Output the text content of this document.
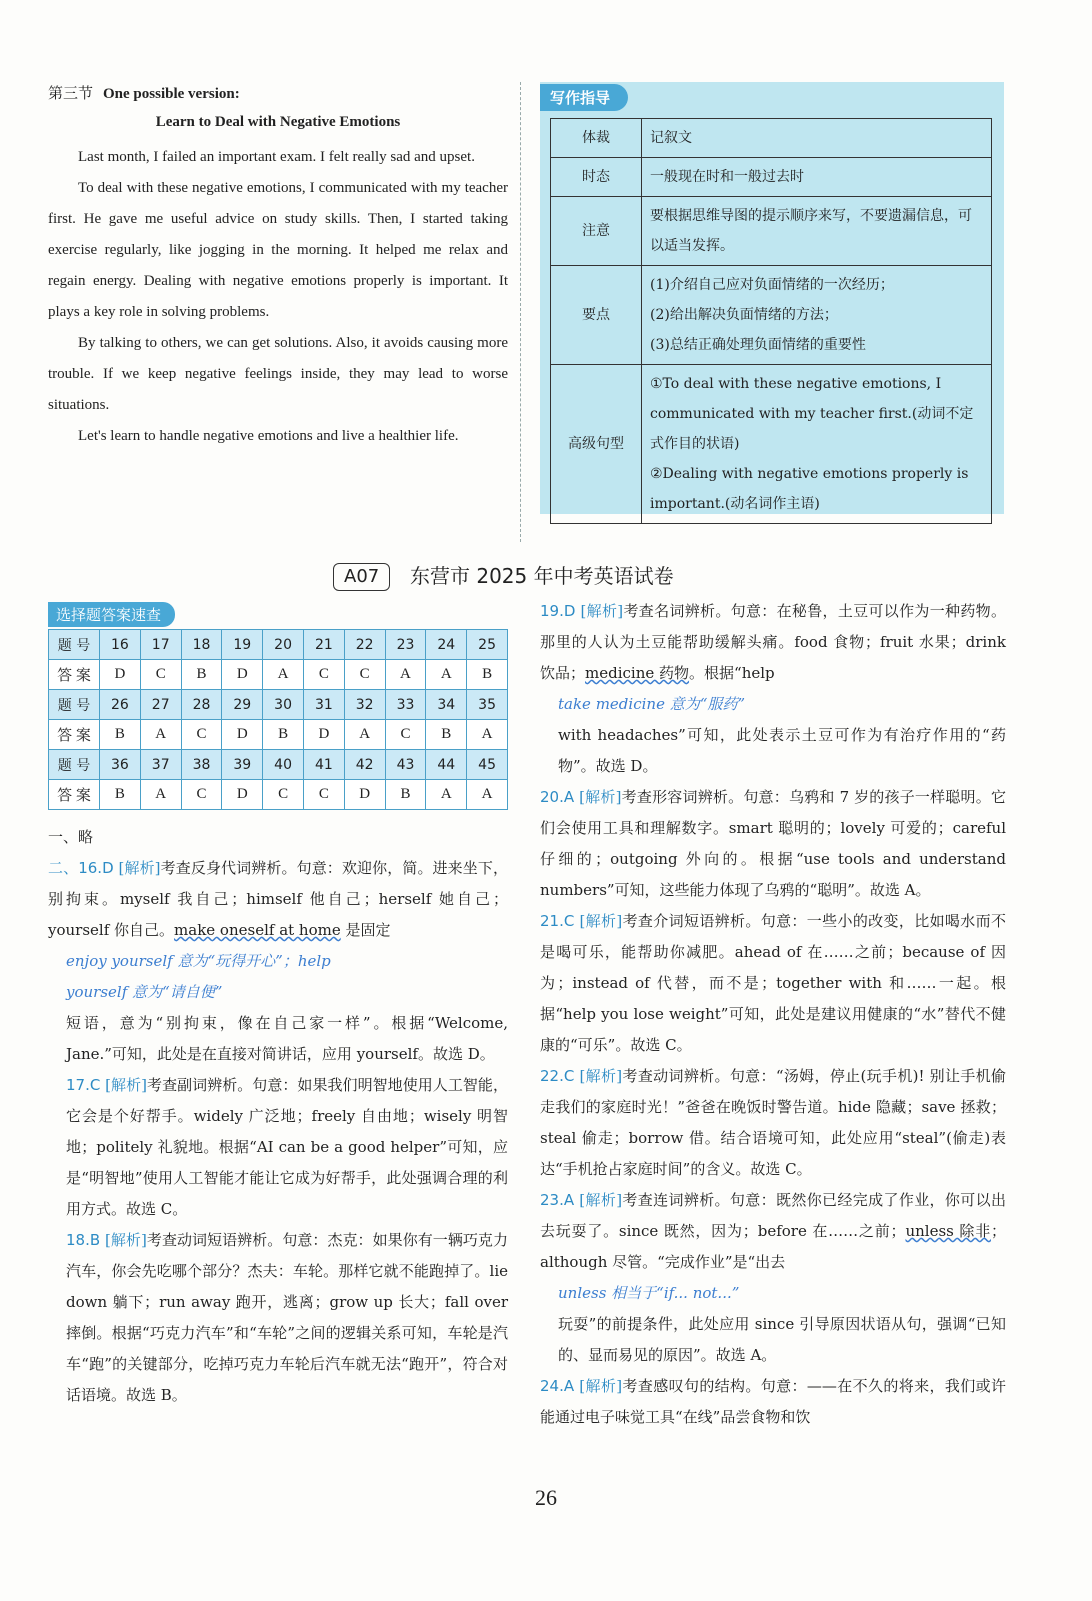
第三节 One possible version:
Learn to Deal with Negative Emotions

Last month, I failed an important exam. I felt really sad and upset.

To deal with these negative emotions, I communicated with my teacher first. He gave me useful advice on study skills. Then, I started taking exercise regularly, like jogging in the morning. It helped me relax and regain energy. Dealing with negative emotions properly is important. It plays a key role in solving problems.

By talking to others, we can get solutions. Also, it avoids causing more trouble. If we keep negative feelings inside, they may lead to worse situations.

Let's learn to handle negative emotions and live a healthier life.

写作指导
体裁	记叙文
时态	一般现在时和一般过去时
注意	要根据思维导图的提示顺序来写，不要遗漏信息，可以适当发挥。
要点	(1)介绍自己应对负面情绪的一次经历；
(2)给出解决负面情绪的方法；
(3)总结正确处理负面情绪的重要性

高级句型	①To deal with these negative emotions, I communicated with my teacher first.(动词不定式作目的状语)
②Dealing with negative emotions properly is important.(动名词作主语)
A07	东营市 2025 年中考英语试卷
选择题答案速查
题 号	16	17	18	19	20	21	22	23	24	25
答 案	D	C	B	D	A	C	C	A	A	B
题 号	26	27	28	29	30	31	32	33	34	35
答 案	B	A	C	D	B	D	A	C	B	A
题 号	36	37	38	39	40	41	42	43	44	45
答 案	B	A	C	D	C	C	D	B	A	A

一、略

二、16.D [解析]考查反身代词辨析。句意：欢迎你，简。进来坐下，别拘束。myself 我自己；himself 他自己；herself 她自己；yourself 你自己。make oneself at home 是固定

enjoy yourself 意为“玩得开心”；help

yourself 意为“请自便”

短语，意为“别拘束，像在自己家一样”。根据“Welcome, Jane.”可知，此处是在直接对简讲话，应用 yourself。故选 D。

17.C [解析]考查副词辨析。句意：如果我们明智地使用人工智能，它会是个好帮手。widely 广泛地；freely 自由地；wisely 明智地；politely 礼貌地。根据“AI can be a good helper”可知，应是“明智地”使用人工智能才能让它成为好帮手，此处强调合理的利用方式。故选 C。

18.B [解析]考查动词短语辨析。句意：杰克：如果你有一辆巧克力汽车，你会先吃哪个部分？杰夫：车轮。那样它就不能跑掉了。lie down 躺下；run away 跑开，逃离；grow up 长大；fall over 摔倒。根据“巧克力汽车”和“车轮”之间的逻辑关系可知，车轮是汽车“跑”的关键部分，吃掉巧克力车轮后汽车就无法“跑开”，符合对话语境。故选 B。

19.D [解析]考查名词辨析。句意：在秘鲁，土豆可以作为一种药物。那里的人认为土豆能帮助缓解头痛。food 食物；fruit 水果；drink 饮品；medicine 药物。根据“help

take medicine 意为“服药”

with headaches”可知，此处表示土豆可作为有治疗作用的“药物”。故选 D。

20.A [解析]考查形容词辨析。句意：乌鸦和 7 岁的孩子一样聪明。它们会使用工具和理解数字。smart 聪明的；lovely 可爱的；careful 仔细的；outgoing 外向的。根据“use tools and understand numbers”可知，这些能力体现了乌鸦的“聪明”。故选 A。

21.C [解析]考查介词短语辨析。句意：一些小的改变，比如喝水而不是喝可乐，能帮助你减肥。ahead of 在……之前；because of 因为；instead of 代替，而不是；together with 和……一起。根据“help you lose weight”可知，此处是建议用健康的“水”替代不健康的“可乐”。故选 C。

22.C [解析]考查动词辨析。句意：“汤姆，停止(玩手机)! 别让手机偷走我们的家庭时光！”爸爸在晚饭时警告道。hide 隐藏；save 拯救；steal 偷走；borrow 借。结合语境可知，此处应用“steal”(偷走)表达“手机抢占家庭时间”的含义。故选 C。

23.A [解析]考查连词辨析。句意：既然你已经完成了作业，你可以出去玩耍了。since 既然，因为；before 在……之前；unless 除非；although 尽管。“完成作业”是“出去

unless 相当于“if... not...”

玩耍”的前提条件，此处应用 since 引导原因状语从句，强调“已知的、显而易见的原因”。故选 A。

24.A [解析]考查感叹句的结构。句意：——在不久的将来，我们或许能通过电子味觉工具“在线”品尝食物和饮

26
